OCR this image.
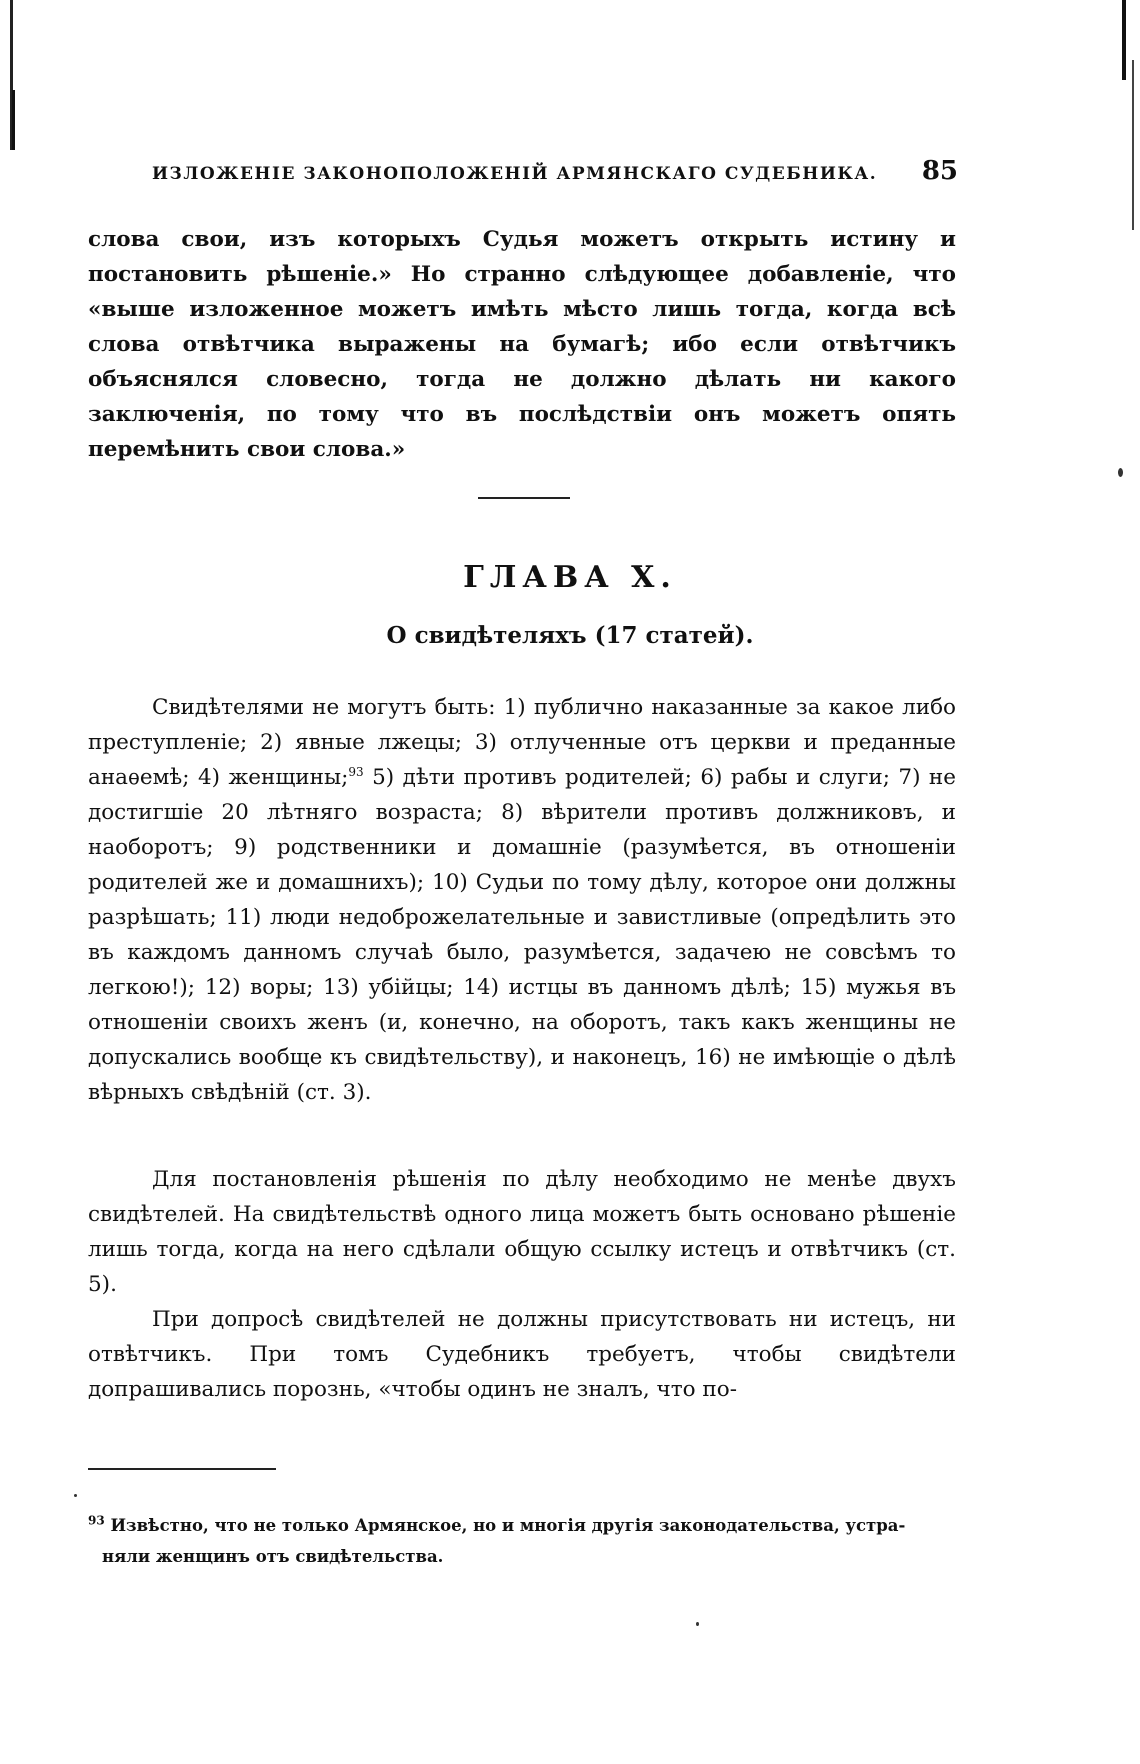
ИЗЛОЖЕНІЕ ЗАКОНОПОЛОЖЕНІЙ АРМЯНСКАГО СУДЕБНИКА. 85
слова свои, изъ которыхъ Судья можетъ открыть истину и постановить рѣшеніе.» Но странно слѣдующее добавленіе, что «выше изложенное можетъ имѣть мѣсто лишь тогда, когда всѣ слова отвѣтчика выражены на бумагѣ; ибо если отвѣтчикъ объяснялся словесно, тогда не должно дѣлать ни какого заключенія, по тому что въ послѣдствіи онъ можетъ опять перемѣнить свои слова.»
ГЛАВА X.
О свидѣтеляхъ (17 статей).
Свидѣтелями не могутъ быть: 1) публично наказанные за какое либо преступленіе; 2) явные лжецы; 3) отлученные отъ церкви и преданные анаѳемѣ; 4) женщины;$^{93}$ 5) дѣти противъ родителей; 6) рабы и слуги; 7) не достигшіе 20 лѣтняго возраста; 8) вѣрители противъ должниковъ, и наоборотъ; 9) родственники и домашніе (разумѣется, въ отношеніи родителей же и домашнихъ); 10) Судьи по тому дѣлу, которое они должны разрѣшать; 11) люди недоброжелательные и завистливые (опредѣлить это въ каждомъ данномъ случаѣ было, разумѣется, задачею не совсѣмъ то легкою!); 12) воры; 13) убійцы; 14) истцы въ данномъ дѣлѣ; 15) мужья въ отношеніи своихъ женъ (и, конечно, на оборотъ, такъ какъ женщины не допускались вообще къ свидѣтельству), и наконецъ, 16) не имѣющіе о дѣлѣ вѣрныхъ свѣдѣній (ст. 3).
Для постановленія рѣшенія по дѣлу необходимо не менѣе двухъ свидѣтелей. На свидѣтельствѣ одного лица можетъ быть основано рѣшеніе лишь тогда, когда на него сдѣлали общую ссылку истецъ и отвѣтчикъ (ст. 5).
При допросѣ свидѣтелей не должны присутствовать ни истецъ, ни отвѣтчикъ. При томъ Судебникъ требуетъ, чтобы свидѣтели допрашивались порознь, «чтобы одинъ не зналъ, что по-
$^{93}$ Извѣстно, что не только Армянское, но и многія другія законодательства, устра-
няли женщинъ отъ свидѣтельства.
